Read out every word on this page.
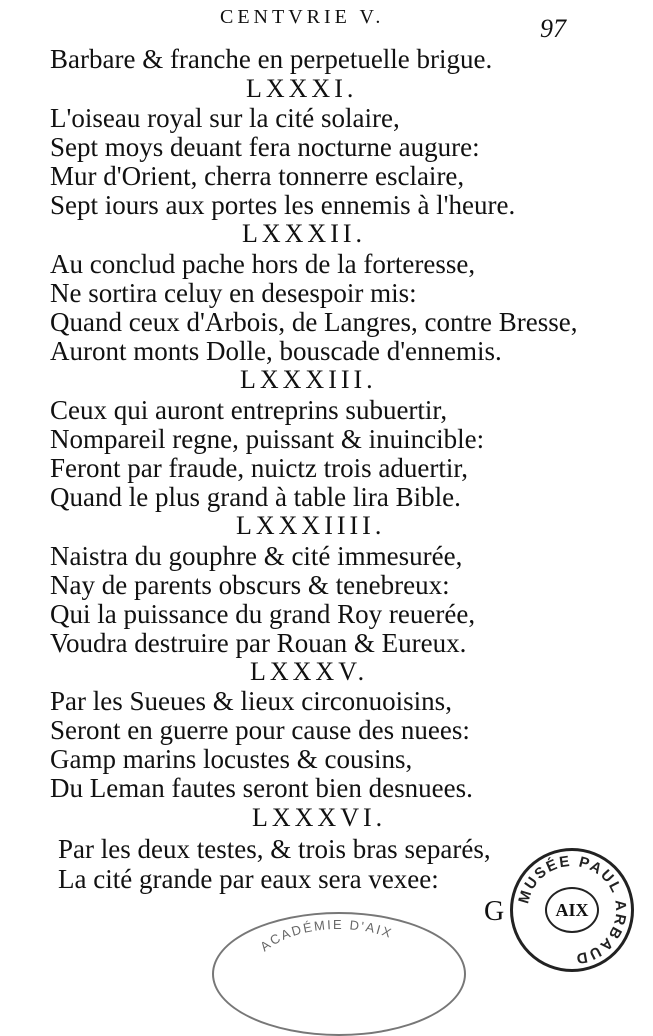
CENTVRIE V.	97
Barbare & franche en perpetuelle brigue.
LXXXI.
L'oiseau royal sur la cité solaire,
Sept moys deuant fera nocturne augure:
Mur d'Orient, cherra tonnerre esclaire,
Sept iours aux portes les ennemis à l'heure.
LXXXII.
Au conclud pache hors de la forteresse,
Ne sortira celuy en desespoir mis:
Quand ceux d'Arbois, de Langres, contre Bresse,
Auront monts Dolle, bouscade d'ennemis.
LXXXIII.
Ceux qui auront entreprins subuertir,
Nompareil regne, puissant & inuincible:
Feront par fraude, nuictz trois aduertir,
Quand le plus grand à table lira Bible.
LXXXIIII.
Naistra du gouphre & cité immesurée,
Nay de parents obscurs & tenebreux:
Qui la puissance du grand Roy reuerée,
Voudra destruire par Rouan & Eureux.
LXXXV.
Par les Sueues & lieux circonuoisins,
Seront en guerre pour cause des nuees:
Gamp marins locustes & cousins,
Du Leman fautes seront bien desnuees.
LXXXVI.
Par les deux testes, & trois bras separés,
La cité grande par eaux sera vexee:
G MUSÉE PAUL ARBAUD
AIX
ACADÉMIE D'AIX
